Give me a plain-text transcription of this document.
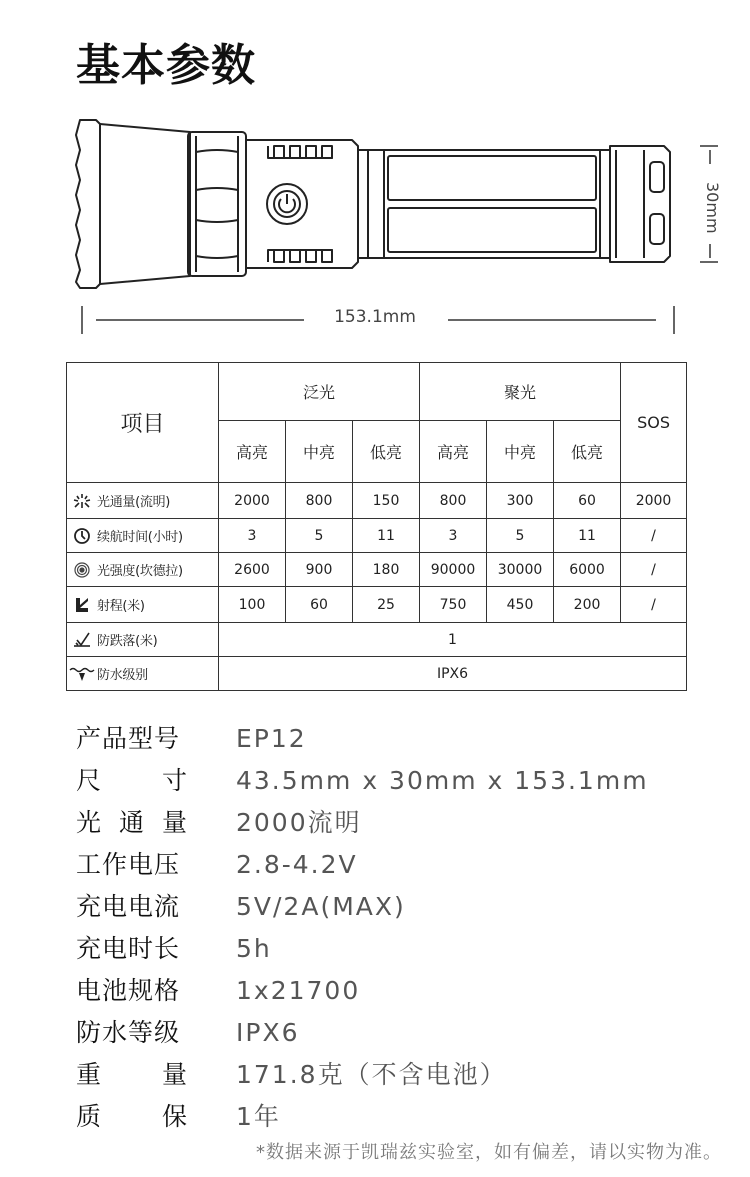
基本参数
153.1mm
30mm
项目	泛光			聚光			SOS
	高亮	中亮	低亮	高亮	中亮	低亮	
光通量(流明)	2000	800	150	800	300	60	2000
续航时间(小时)	3	5	11	3	5	11	/
光强度(坎德拉)	2600	900	180	90000	30000	6000	/
射程(米)	100	60	25	750	450	200	/
防跌落(米)	1						
防水级别	IPX6						
产品型号	EP12
尺 寸 43.5mm x 30mm x 153.1mm
光 通 量 2000流明
工作电压	2.8-4.2V
充电电流	5V/2A(MAX)
充电时长	5h
电池规格	1x21700
防水等级	IPX6
重 量 171.8克（不含电池）
质 保 1年
*数据来源于凯瑞兹实验室，如有偏差，请以实物为准。
